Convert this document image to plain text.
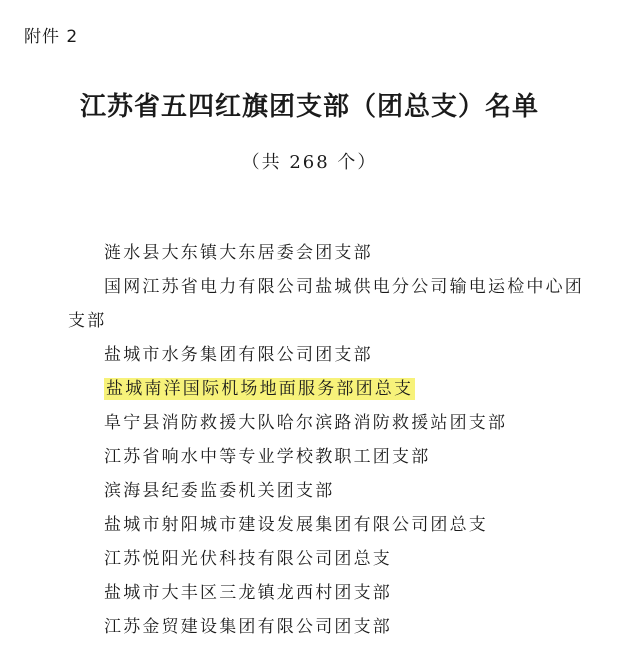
附件 2
江苏省五四红旗团支部（团总支）名单
（共 268 个）
涟水县大东镇大东居委会团支部
国网江苏省电力有限公司盐城供电分公司输电运检中心团
支部
盐城市水务集团有限公司团支部
盐城南洋国际机场地面服务部团总支
阜宁县消防救援大队哈尔滨路消防救援站团支部
江苏省响水中等专业学校教职工团支部
滨海县纪委监委机关团支部
盐城市射阳城市建设发展集团有限公司团总支
江苏悦阳光伏科技有限公司团总支
盐城市大丰区三龙镇龙西村团支部
江苏金贸建设集团有限公司团支部
